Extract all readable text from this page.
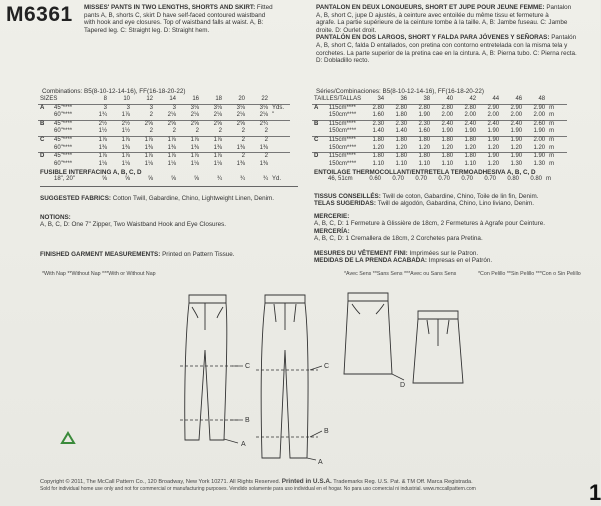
M6361 MISSES' PANTS IN TWO LENGTHS, SHORTS AND SKIRT: Fitted
pants A, B, shorts C, skirt D have self-faced contoured waistband
with hook and eye closures. Top of waistband falls at waist. A, B:
Tapered leg. C: Straight leg. D: Straight hem.
PANTALON EN DEUX LONGUEURS, SHORT ET JUPE POUR JEUNE FEMME: Pantalon
A, B, short C, jupe D ajustés, à ceinture avec entoilée du même tissu et fermeture à
agrafe. La partie supérieure de la ceinture tombe à la taille. A, B: Jambe fuseau. C: Jambe
droite. D: Ourlet droit.
PANTALÓN EN DOS LARGOS, SHORT Y FALDA PARA JÓVENES Y SEÑORAS: Pantalón
A, B, short C, falda D entallados, con pretina con contorno entretelada con la misma tela y
corchetes. La parte superior de la pretina cae en la cintura. A, B: Pierna tubo. C: Pierna recta.
D: Dobladillo recto.
Combinations: B5(8-10-12-14-16), FF(16-18-20-22)	Séries/Combinaciones: B5(8-10-12-14-16), FF(16-18-20-22)
SIZES		8	10	12	14	16	18	20	22	
A	45"****	3	3	3	3	3⅛	3⅛	3⅛	3⅛	Yds.
	60"****	1¾	1⅞	2	2⅛	2⅛	2⅛	2⅛	2⅛	"
B	45"****	2½	2½	2⅝	2⅝	2⅝	2⅝	2⅝	2¾	
	60"****	1½	1½	2	2	2	2	2	2	
C	45"****	1⅞	1⅞	1⅞	1⅞	1⅞	1⅞	2	2	
	60"****	1⅜	1⅜	1⅜	1⅜	1⅜	1⅜	1⅜	1⅜	
D	45"****	1⅞	1⅞	1⅞	1⅞	1⅞	1⅞	2	2	
	60"****	1⅛	1⅛	1⅛	1⅛	1⅛	1⅛	1⅜	1⅜	
TAILLES/TALLAS		34	36	38	40	42	44	46	48	
A	115cm****	2.80	2.80	2.80	2.80	2.80	2.90	2.90	2.90	m
	150cm****	1.60	1.80	1.90	2.00	2.00	2.00	2.00	2.00	m
B	115cm****	2.30	2.30	2.30	2.40	2.40	2.40	2.40	2.60	m
	150cm****	1.40	1.40	1.60	1.90	1.90	1.90	1.90	1.90	m
C	115cm****	1.80	1.80	1.80	1.80	1.80	1.90	1.90	2.00	m
	150cm****	1.20	1.20	1.20	1.20	1.20	1.20	1.20	1.20	m
D	115cm****	1.80	1.80	1.80	1.80	1.80	1.90	1.90	1.90	m
	150cm****	1.10	1.10	1.10	1.10	1.10	1.20	1.30	1.30	m
FUSIBLE INTERFACING A, B, C, D
	18", 20"	⅝	⅝	⅝	⅝	⅝	¾	¾	¾	Yd.
ENTOILAGE THERMOCOLLANT/ENTRETELA TERMOADHESIVA A, B, C, D
	46, 51cm	0.60	0.70	0.70	0.70	0.70	0.70	0.80	0.80	m
SUGGESTED FABRICS: Cotton Twill, Gabardine, Chino, Lightweight Linen, Denim.
NOTIONS:
A, B, C, D: One 7" Zipper, Two Waistband Hook and Eye Closures.
FINISHED GARMENT MEASUREMENTS: Printed on Pattern Tissue.
*With Nap **Without Nap ***With or Without Nap
TISSUS CONSEILLÉS: Twill de coton, Gabardine, Chino, Toile de lin fin, Denim.
TELAS SUGERIDAS: Twill de algodón, Gabardina, Chino, Lino liviano, Denim.
MERCERIE:
A, B, C, D: 1 Fermeture à Glissière de 18cm, 2 Fermetures à Agrafe pour Ceinture.
MERCERÍA:
A, B, C, D: 1 Cremallera de 18cm, 2 Corchetes para Pretina.
MESURES DU VÊTEMENT FINI: Imprimées sur le Patron.
MEDIDAS DE LA PRENDA ACABADA: Impresas en el Patrón.
*Avec Sens **Sans Sens ***Avec ou Sans Sens	*Con Pelillo **Sin Pelillo ***Con o Sin Pelillo
C
B
A
C
B
A
D
Copyright © 2011, The McCall Pattern Co., 120 Broadway, New York 10271. All Rights Reserved. Printed in U.S.A. Trademarks Reg. U.S. Pat. & TM Off. Marca Registrada.
Sold for individual home use only and not for commercial or manufacturing purposes. Vendido solamente para uso individual en el hogar. No para uso comercial ni industrial. www.mccallpattern.com	1
